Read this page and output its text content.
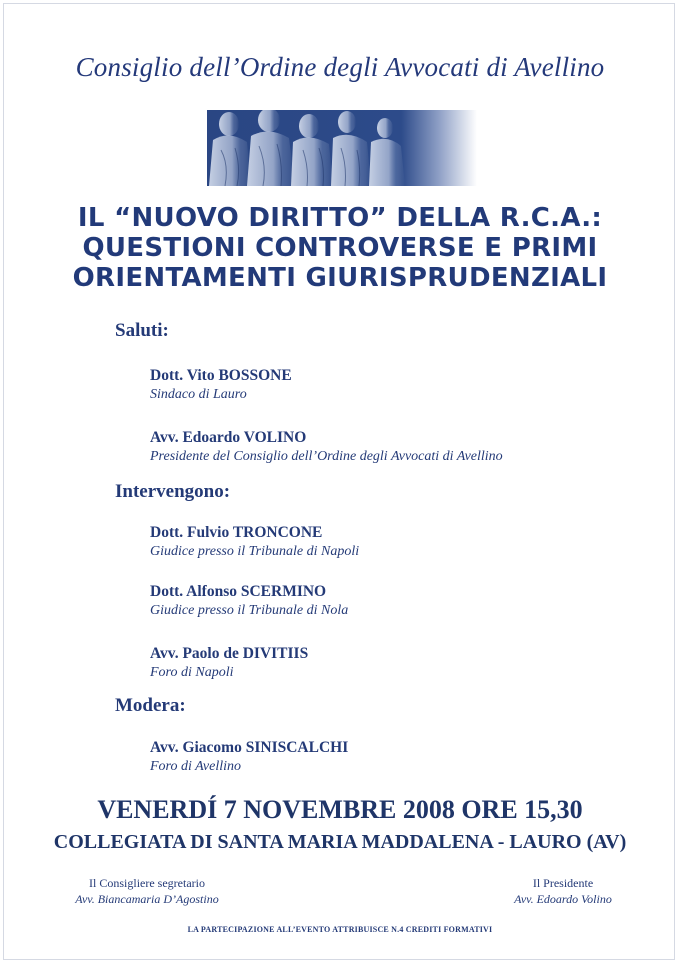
Consiglio dell’Ordine degli Avvocati di Avellino
IL “NUOVO DIRITTO” DELLA R.C.A.:
QUESTIONI CONTROVERSE E PRIMI
ORIENTAMENTI GIURISPRUDENZIALI
Saluti:
Dott. Vito BOSSONE
Sindaco di Lauro
Avv. Edoardo VOLINO
Presidente del Consiglio dell’Ordine degli Avvocati di Avellino
Intervengono:
Dott. Fulvio TRONCONE
Giudice presso il Tribunale di Napoli
Dott. Alfonso SCERMINO
Giudice presso il Tribunale di Nola
Avv. Paolo de DIVITIIS
Foro di Napoli
Modera:
Avv. Giacomo SINISCALCHI
Foro di Avellino
VENERDÍ 7 NOVEMBRE 2008 ORE 15,30
COLLEGIATA DI SANTA MARIA MADDALENA - LAURO (AV)
Il Consigliere segretario
Avv. Biancamaria D’Agostino
Il Presidente
Avv. Edoardo Volino
LA PARTECIPAZIONE ALL’EVENTO ATTRIBUISCE N.4 CREDITI FORMATIVI
